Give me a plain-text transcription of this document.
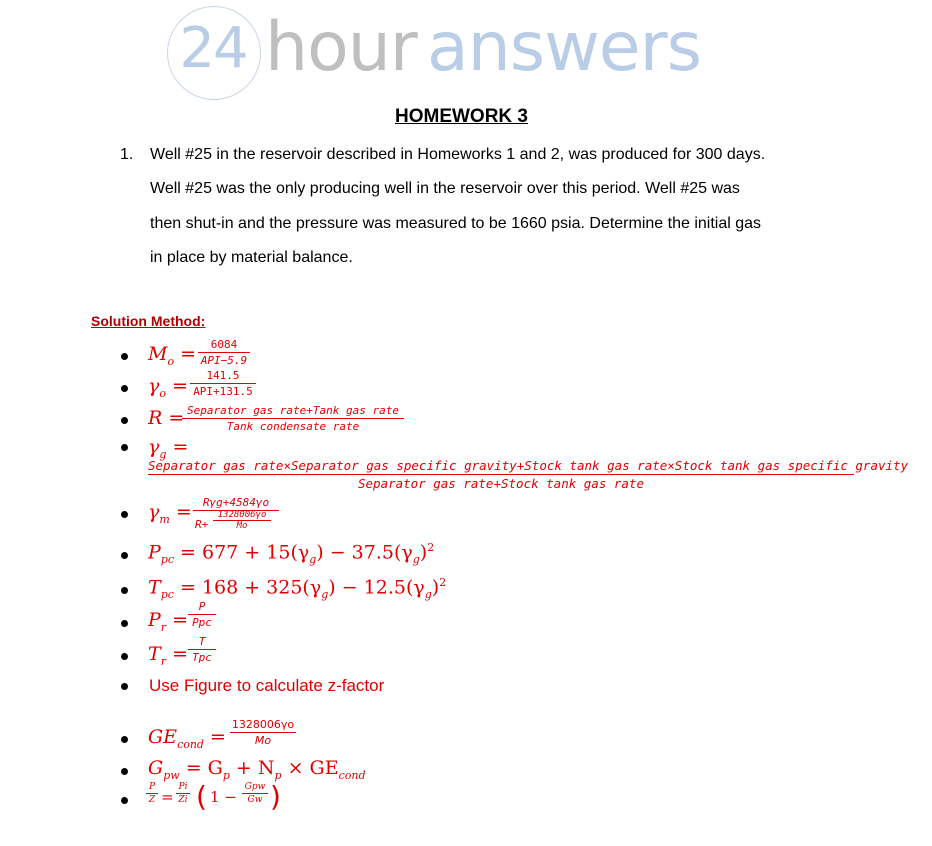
24 hour answers
HOMEWORK 3
1. Well #25 in the reservoir described in Homeworks 1 and 2, was produced for 300 days.
Well #25 was the only producing well in the reservoir over this period. Well #25 was
then shut-in and the pressure was measured to be 1660 psia. Determine the initial gas
in place by material balance.
Solution Method:
$M_o$ =	6084
API−5.9
$\gamma_o$ =	141.5
API+131.5
R = Separator gas rate+Tank gas rate
Tank condensate rate
$\gamma_g$ =
Separator gas rate×Separator gas specific gravity+Stock tank gas rate×Stock tank gas specific gravity
Separator gas rate+Stock tank gas rate
$\gamma_m$ =	Rγg+4584γo
R+
1328006γo
Mo
$P_{pc} = 677 + 15(\gamma_g) - 37.5(\gamma_g)^2$
$T_{pc} = 168 + 325(\gamma_g) - 12.5(\gamma_g)^2$
$P_r$ =
P
Ppc
$T_r$ =
T
Tpc
Use Figure to calculate z-factor
$GE_{cond}$ =
1328006γo
Mo
$G_{pw} = G_p + N_p \times GE_{cond}$
P
Z =
Pi
Zi ( 1 −
Gpw
Gw )
